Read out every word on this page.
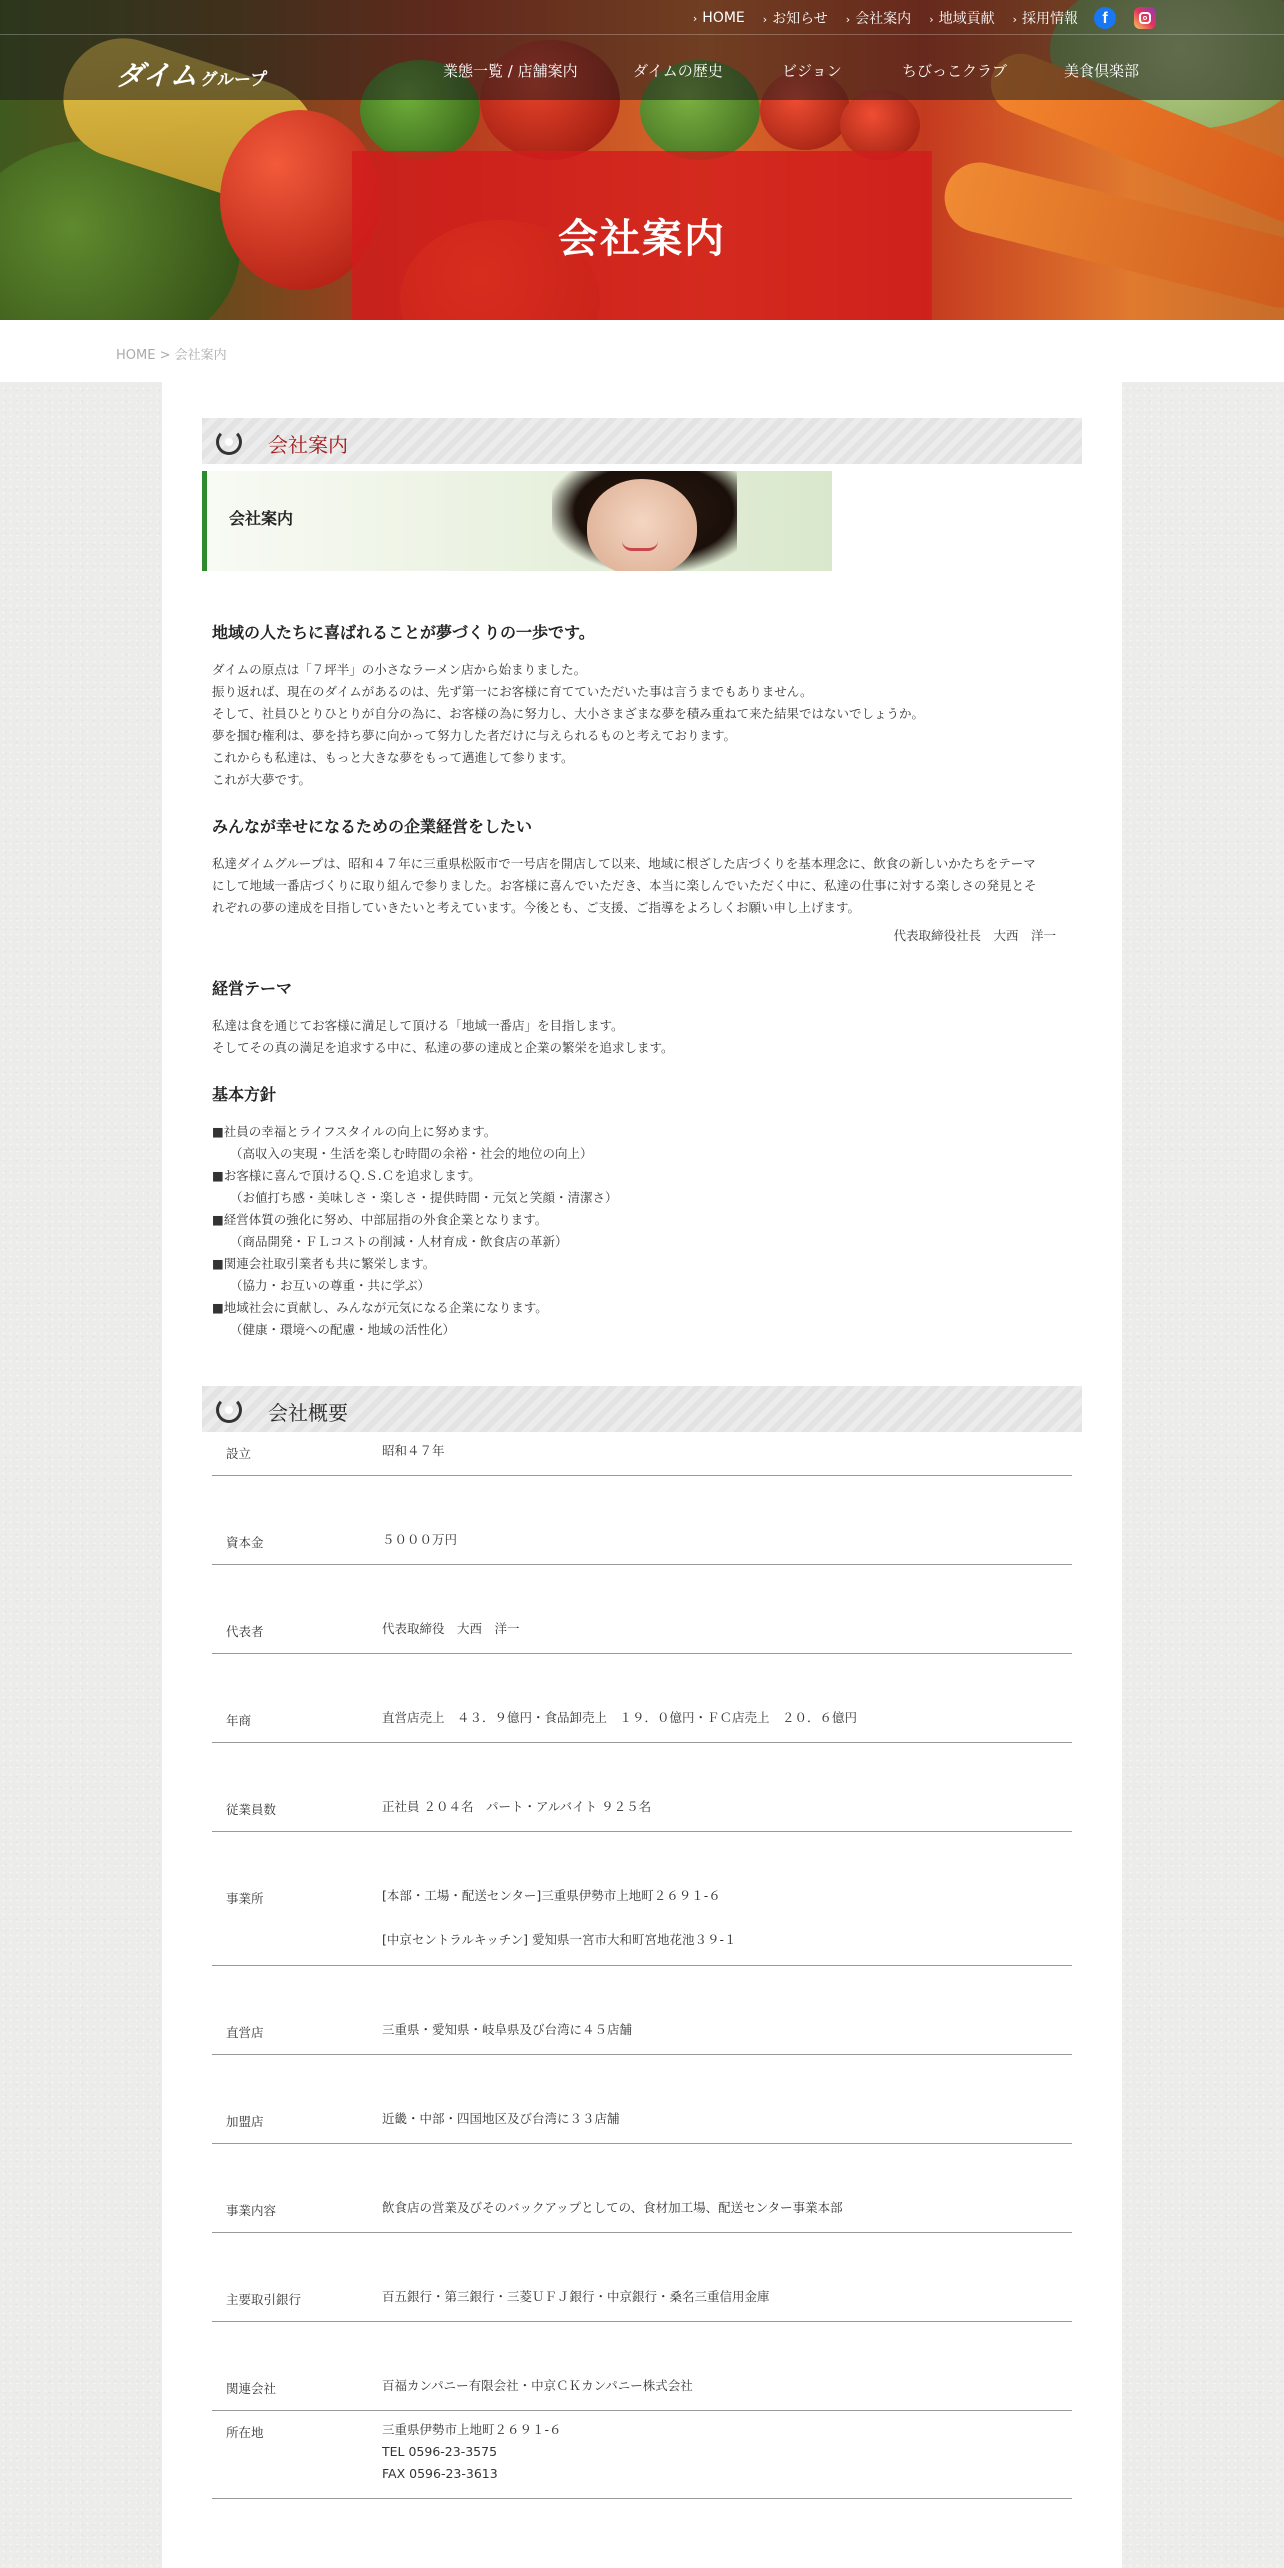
› HOME › お知らせ › 会社案内 › 地域貢献 › 採用情報	f
ダイム グループ	業態一覧 / 店舗案内	ダイムの歴史	ビジョン	ちびっこクラブ	美食倶楽部
会社案内
HOME > 会社案内
会社案内
会社案内
地域の人たちに喜ばれることが夢づくりの一歩です。

ダイムの原点は「７坪半」の小さなラーメン店から始まりました。

振り返れば、現在のダイムがあるのは、先ず第一にお客様に育てていただいた事は言うまでもありません。

そして、社員ひとりひとりが自分の為に、お客様の為に努力し、大小さまざまな夢を積み重ねて来た結果ではないでしょうか。

夢を掴む権利は、夢を持ち夢に向かって努力した者だけに与えられるものと考えております。

これからも私達は、もっと大きな夢をもって邁進して参ります。

これが大夢です。

みんなが幸せになるための企業経営をしたい

私達ダイムグループは、昭和４７年に三重県松阪市で一号店を開店して以来、地域に根ざした店づくりを基本理念に、飲食の新しいかたちをテーマ

にして地域一番店づくりに取り組んで参りました。お客様に喜んでいただき、本当に楽しんでいただく中に、私達の仕事に対する楽しさの発見とそ

れぞれの夢の達成を目指していきたいと考えています。今後とも、ご支援、ご指導をよろしくお願い申し上げます。

代表取締役社長　大西　洋一

経営テーマ

私達は食を通じてお客様に満足して頂ける「地域一番店」を目指します。

そしてその真の満足を追求する中に、私達の夢の達成と企業の繁栄を追求します。

基本方針

■社員の幸福とライフスタイルの向上に努めます。

（高収入の実現・生活を楽しむ時間の余裕・社会的地位の向上）

■お客様に喜んで頂けるＱ.Ｓ.Ｃを追求します。

（お値打ち感・美味しさ・楽しさ・提供時間・元気と笑顔・清潔さ）

■経営体質の強化に努め、中部屈指の外食企業となります。

（商品開発・ＦＬコストの削減・人材育成・飲食店の革新）

■関連会社取引業者も共に繁栄します。

（協力・お互いの尊重・共に学ぶ）

■地域社会に貢献し、みんなが元気になる企業になります。

（健康・環境への配慮・地域の活性化）

会社概要
設立	昭和４７年
資本金	５０００万円
代表者	代表取締役　大西　洋一
年商	直営店売上　４３．９億円・食品卸売上　１９．０億円・ＦＣ店売上　２０．６億円
従業員数	正社員 ２０４名　パート・アルバイト ９２５名
事業所	[本部・工場・配送センター]三重県伊勢市上地町２６９１-６
[中京セントラルキッチン] 愛知県一宮市大和町宮地花池３９-１
直営店	三重県・愛知県・岐阜県及び台湾に４５店舗
加盟店	近畿・中部・四国地区及び台湾に３３店舗
事業内容	飲食店の営業及びそのバックアップとしての、食材加工場、配送センター事業本部
主要取引銀行	百五銀行・第三銀行・三菱ＵＦＪ銀行・中京銀行・桑名三重信用金庫
関連会社	百福カンパニー有限会社・中京ＣＫカンパニー株式会社
所在地	三重県伊勢市上地町２６９１-６
TEL 0596-23-3575
FAX 0596-23-3613
